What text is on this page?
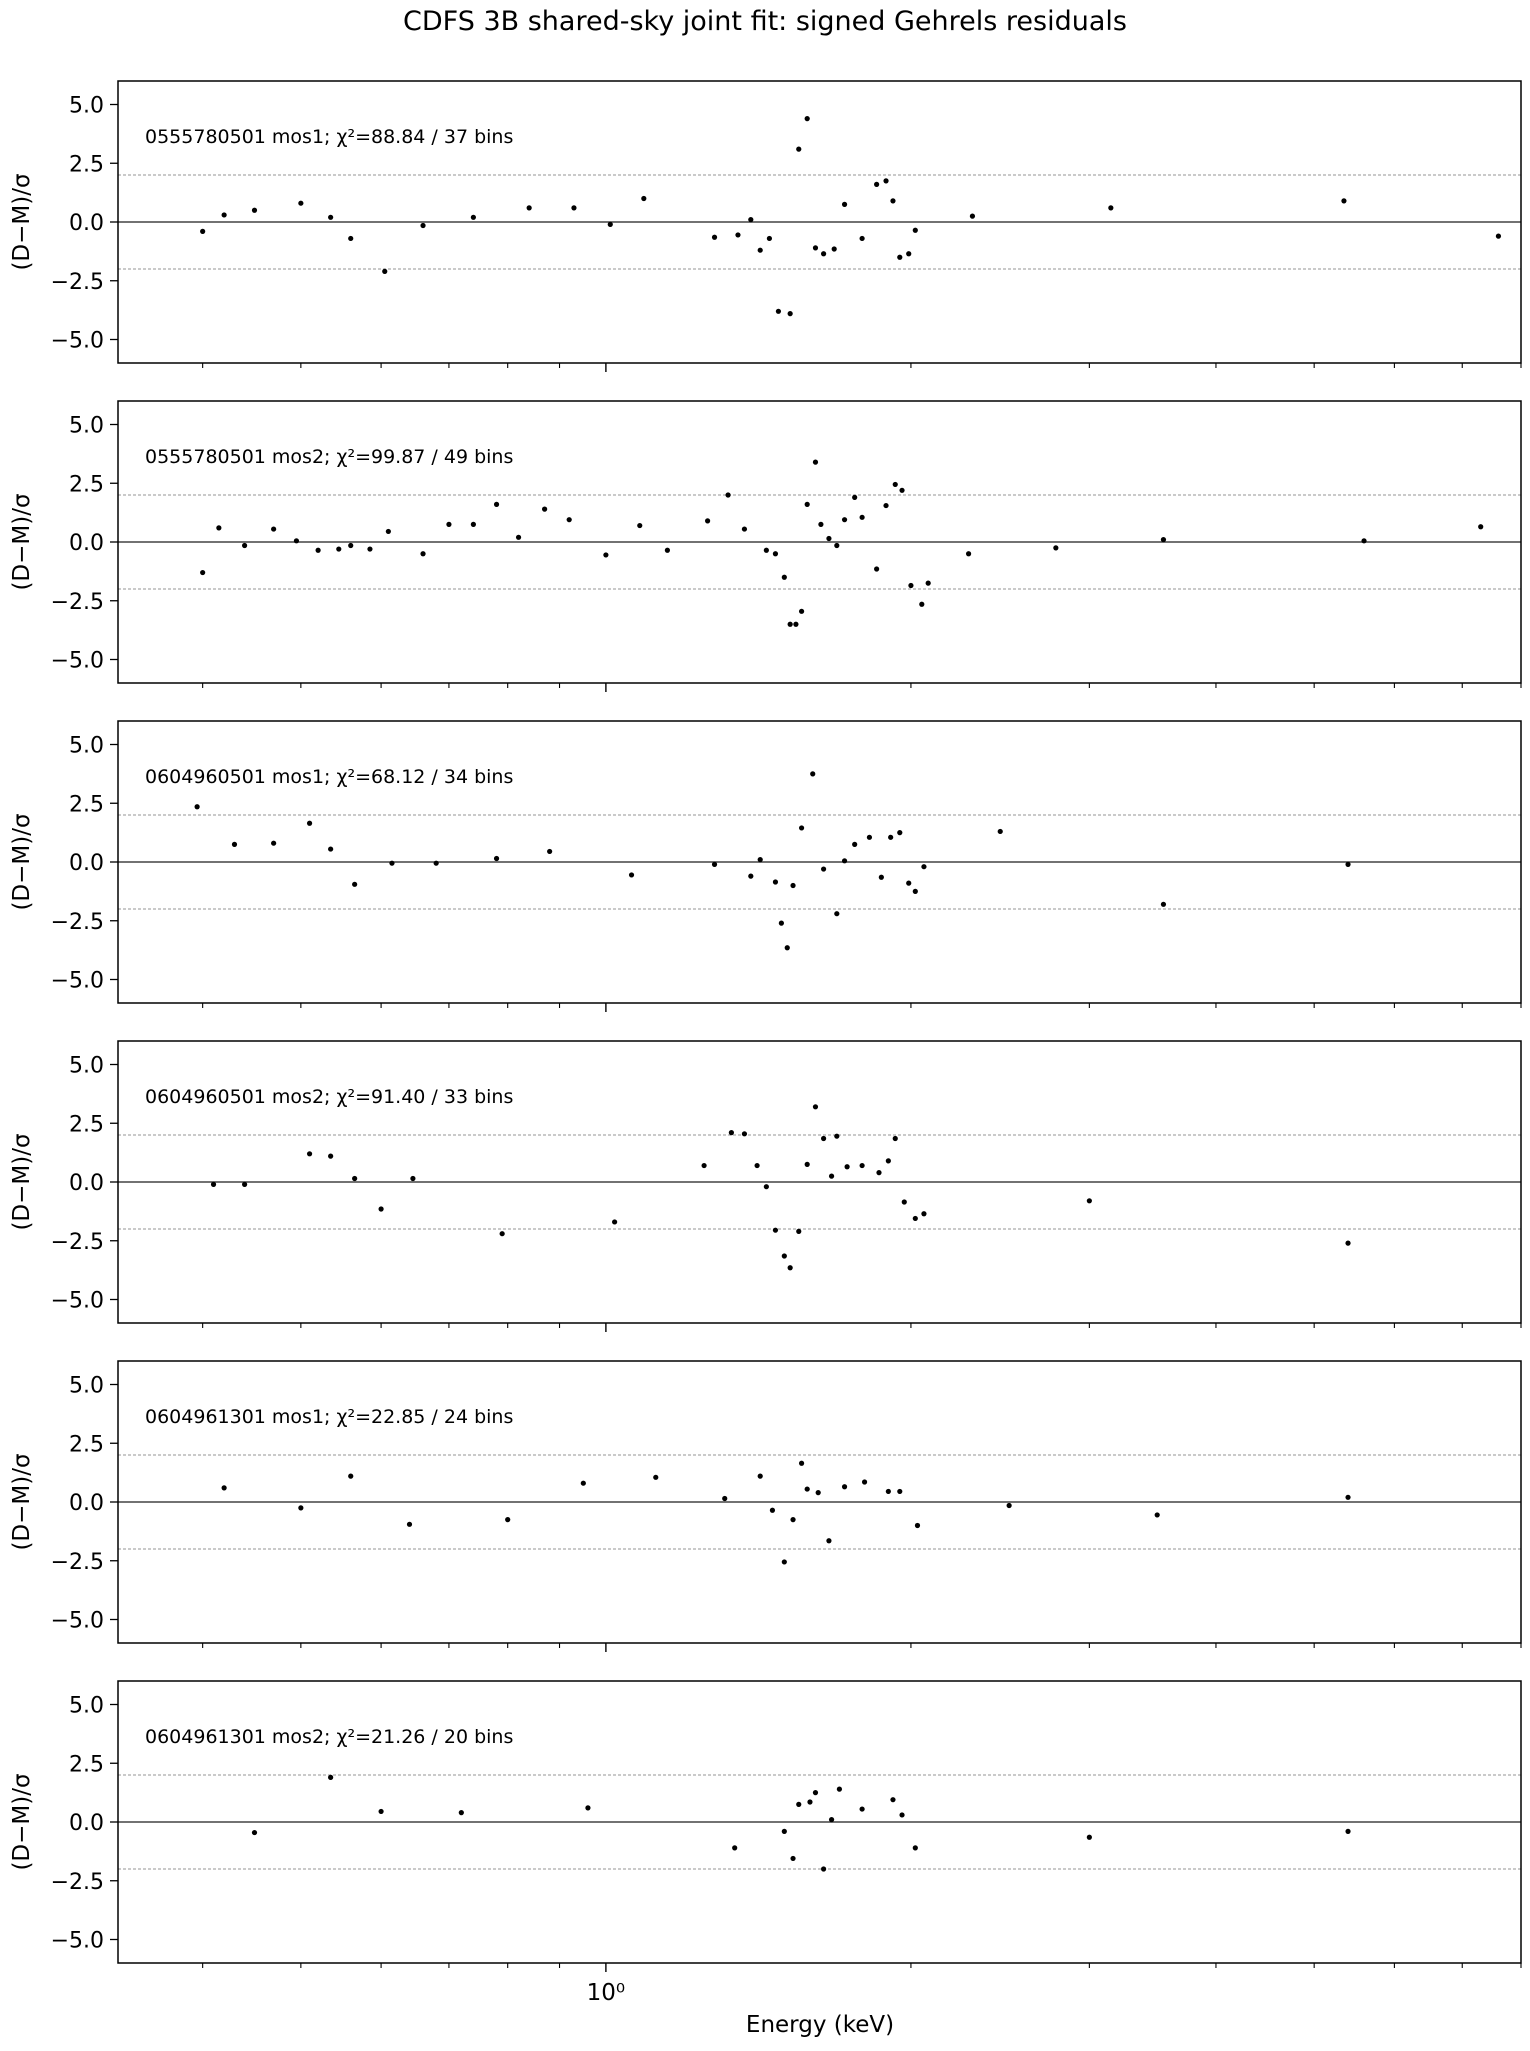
CDFS 3B shared-sky joint fit: signed Gehrels residuals
5.0
2.5
0.0
−2.5
−5.0
(D−M)/σ
0555780501 mos1; χ²=88.84 / 37 bins
5.0
2.5
0.0
−2.5
−5.0
(D−M)/σ
0555780501 mos2; χ²=99.87 / 49 bins
5.0
2.5
0.0
−2.5
−5.0
(D−M)/σ
0604960501 mos1; χ²=68.12 / 34 bins
5.0
2.5
0.0
−2.5
−5.0
(D−M)/σ
0604960501 mos2; χ²=91.40 / 33 bins
5.0
2.5
0.0
−2.5
−5.0
(D−M)/σ
0604961301 mos1; χ²=22.85 / 24 bins
5.0
2.5
0.0
−2.5
−5.0
10⁰
(D−M)/σ
0604961301 mos2; χ²=21.26 / 20 bins
Energy (keV)
